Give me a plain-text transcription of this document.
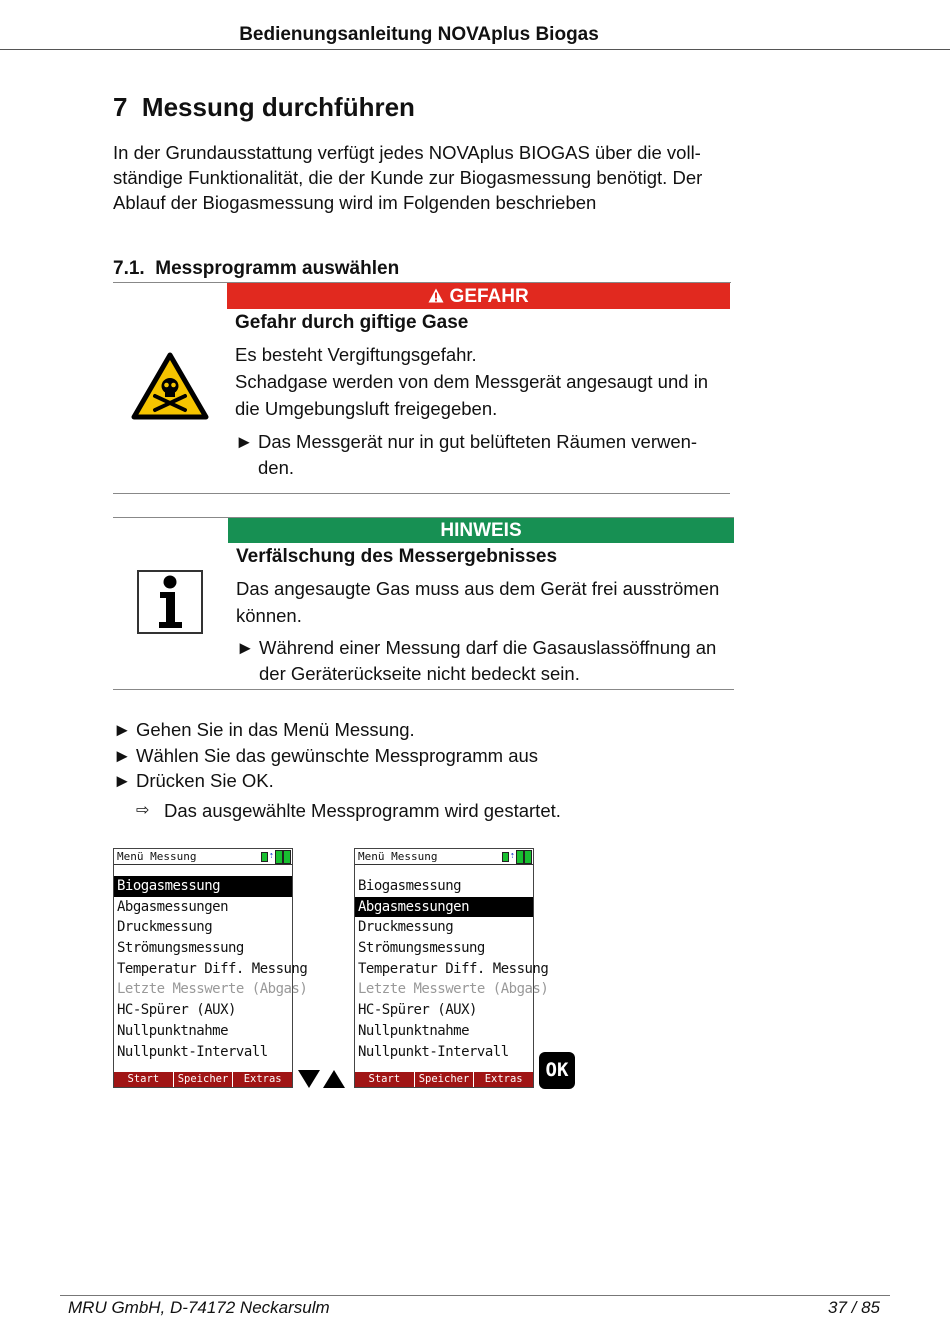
Bedienungsanleitung NOVAplus Biogas
7 Messung durchführen
In der Grundausstattung verfügt jedes NOVAplus BIOGAS über die voll-
ständige Funktionalität, die der Kunde zur Biogasmessung benötigt. Der
Ablauf der Biogasmessung wird im Folgenden beschrieben
7.1. Messprogramm auswählen
GEFAHR
Gefahr durch giftige Gase
Es besteht Vergiftungsgefahr.
Schadgase werden von dem Messgerät angesaugt und in
die Umgebungsluft freigegeben.
► Das Messgerät nur in gut belüfteten Räumen verwen-
den.
HINWEIS
Verfälschung des Messergebnisses
Das angesaugte Gas muss aus dem Gerät frei ausströmen
können.
► Während einer Messung darf die Gasauslassöffnung an
der Geräterückseite nicht bedeckt sein.
► Gehen Sie in das Menü Messung.
► Wählen Sie das gewünschte Messprogramm aus
► Drücken Sie OK.
⇨ Das ausgewählte Messprogramm wird gestartet.
Menü Messung	⇡
Biogasmessung
Abgasmessungen
Druckmessung
Strömungsmessung
Temperatur Diff. Messung
Letzte Messwerte (Abgas)
HC-Spürer (AUX)
Nullpunktnahme
Nullpunkt-Intervall
Start Biogas
Speicher	Extras
Menü Messung	⇡
Biogasmessung
Abgasmessungen
Druckmessung
Strömungsmessung
Temperatur Diff. Messung
Letzte Messwerte (Abgas)
HC-Spürer (AUX)
Nullpunktnahme
Nullpunkt-Intervall
Start Biogas
Speicher	Extras	OK
MRU GmbH, D-74172 Neckarsulm	37 / 85
